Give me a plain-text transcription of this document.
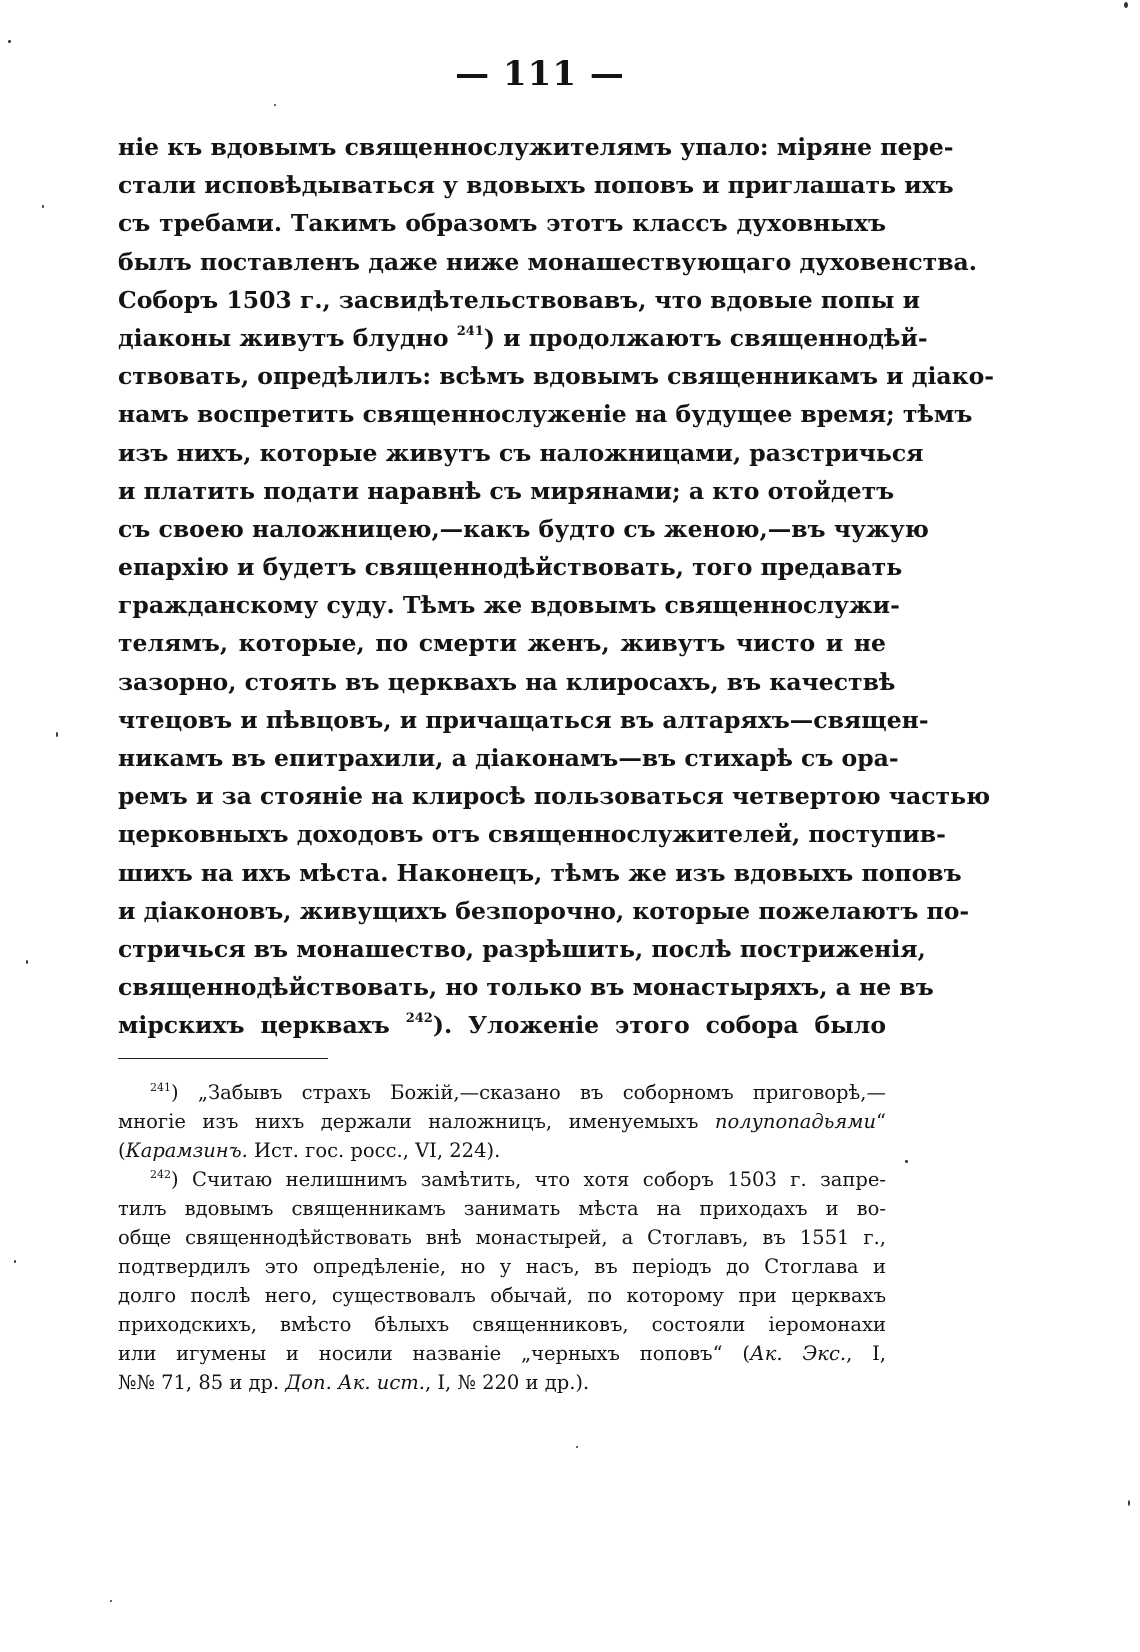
— 111 —
ніе къ вдовымъ священнослужителямъ упало: міряне пере-
стали исповѣдываться у вдовыхъ поповъ и приглашать ихъ
съ требами. Такимъ образомъ этотъ классъ духовныхъ
былъ поставленъ даже ниже монашествующаго духовенства.
Соборъ 1503 г., засвидѣтельствовавъ, что вдовые попы и
діаконы живутъ блудно $^{241}$) и продолжаютъ священнодѣй-
ствовать, опредѣлилъ: всѣмъ вдовымъ священникамъ и діако-
намъ воспретить священнослуженіе на будущее время; тѣмъ
изъ нихъ, которые живутъ съ наложницами, разстричься
и платить подати наравнѣ съ мирянами; а кто отойдетъ
съ своею наложницею,—какъ будто съ женою,—въ чужую
епархію и будетъ священнодѣйствовать, того предавать
гражданскому суду. Тѣмъ же вдовымъ священнослужи-
телямъ, которые, по смерти женъ, живутъ чисто и не
зазорно, стоять въ церквахъ на клиросахъ, въ качествѣ
чтецовъ и пѣвцовъ, и причащаться въ алтаряхъ—священ-
никамъ въ епитрахили, а діаконамъ—въ стихарѣ съ ора-
ремъ и за стояніе на клиросѣ пользоваться четвертою частью
церковныхъ доходовъ отъ священнослужителей, поступив-
шихъ на ихъ мѣста. Наконецъ, тѣмъ же изъ вдовыхъ поповъ
и діаконовъ, живущихъ безпорочно, которые пожелаютъ по-
стричься въ монашество, разрѣшить, послѣ постриженія,
священнодѣйствовать, но только въ монастыряхъ, а не въ
мірскихъ церквахъ $^{242}$). Уложеніе этого собора было
$^{241}$) „Забывъ страхъ Божій,—сказано въ соборномъ приговорѣ,—
многіе изъ нихъ держали наложницъ, именуемыхъ полупопадьями“
(Карамзинъ. Ист. гос. росс., VI, 224).
$^{242}$) Считаю нелишнимъ замѣтить, что хотя соборъ 1503 г. запре-
тилъ вдовымъ священникамъ занимать мѣста на приходахъ и во-
обще священнодѣйствовать внѣ монастырей, а Стоглавъ, въ 1551 г.,
подтвердилъ это опредѣленіе, но у насъ, въ періодъ до Стоглава и
долго послѣ него, существовалъ обычай, по которому при церквахъ
приходскихъ, вмѣсто бѣлыхъ священниковъ, состояли іеромонахи
или игумены и носили названіе „черныхъ поповъ“ (Ак. Экс., I,
№№ 71, 85 и др. Доп. Ак. ист., I, № 220 и др.).
